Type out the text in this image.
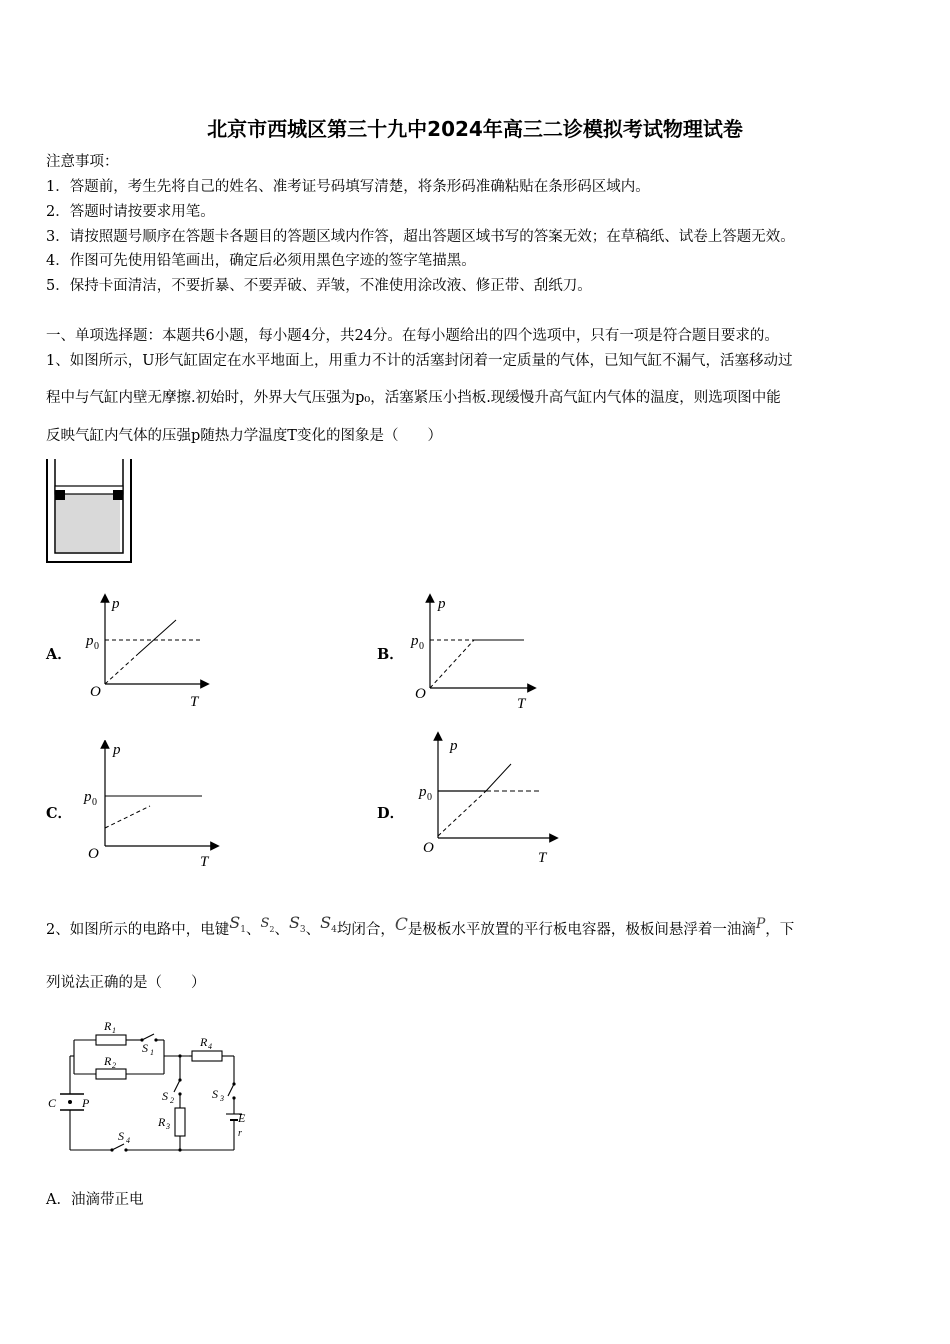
北京市西城区第三十九中2024年高三二诊模拟考试物理试卷
注意事项：
1．答题前，考生先将自己的姓名、准考证号码填写清楚，将条形码准确粘贴在条形码区域内。
2．答题时请按要求用笔。
3．请按照题号顺序在答题卡各题目的答题区域内作答，超出答题区域书写的答案无效；在草稿纸、试卷上答题无效。
4．作图可先使用铅笔画出，确定后必须用黑色字迹的签字笔描黑。
5．保持卡面清洁，不要折暴、不要弄破、弄皱，不准使用涂改液、修正带、刮纸刀。
一、单项选择题：本题共6小题，每小题4分，共24分。在每小题给出的四个选项中，只有一项是符合题目要求的。
1、如图所示，U形气缸固定在水平地面上，用重力不计的活塞封闭着一定质量的气体，已知气缸不漏气，活塞移动过
程中与气缸内壁无摩擦.初始时，外界大气压强为p₀，活塞紧压小挡板.现缓慢升高气缸内气体的温度，则选项图中能
反映气缸内气体的压强p随热力学温度T变化的图象是（　　）
A．	B．
C．	D．
p
T
O
p 0
p
T
O
p 0
p
T
O
p 0
p
T
O
p 0
2、如图所示的电路中，电键 S 1 、 S 2 、 S 3 、 S 4 均闭合， C 是极板水平放置的平行板电容器，极板间悬浮着一油滴 P ，下
列说法正确的是（　　）
R 1
R 2
S 1
R 4
S 2
R 3
S 3
E
r
S 4
C P
A．油滴带正电
